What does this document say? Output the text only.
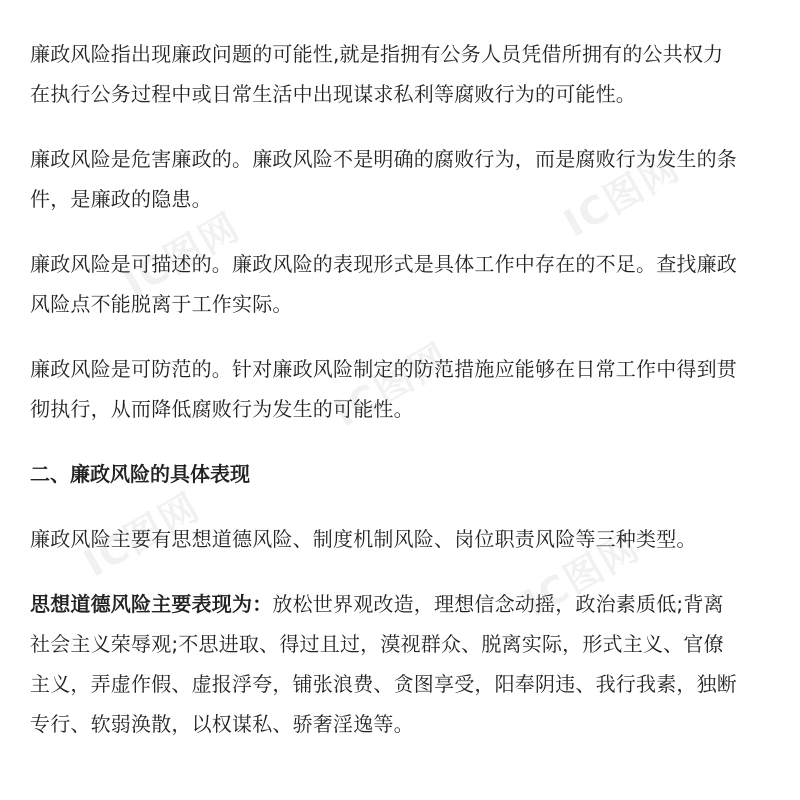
廉政风险指出现廉政问题的可能性,就是指拥有公务人员凭借所拥有的公共权力
在执行公务过程中或日常生活中出现谋求私利等腐败行为的可能性。
廉政风险是危害廉政的。廉政风险不是明确的腐败行为，而是腐败行为发生的条
件，是廉政的隐患。
廉政风险是可描述的。廉政风险的表现形式是具体工作中存在的不足。查找廉政
风险点不能脱离于工作实际。
廉政风险是可防范的。针对廉政风险制定的防范措施应能够在日常工作中得到贯
彻执行，从而降低腐败行为发生的可能性。
二、廉政风险的具体表现
廉政风险主要有思想道德风险、制度机制风险、岗位职责风险等三种类型。
思想道德风险主要表现为：放松世界观改造，理想信念动摇，政治素质低;背离
社会主义荣辱观;不思进取、得过且过，漠视群众、脱离实际，形式主义、官僚
主义，弄虚作假、虚报浮夸，铺张浪费、贪图享受，阳奉阴违、我行我素，独断
专行、软弱涣散，以权谋私、骄奢淫逸等。
IC图网
IC图网
IC图网
IC图网	IC图网
